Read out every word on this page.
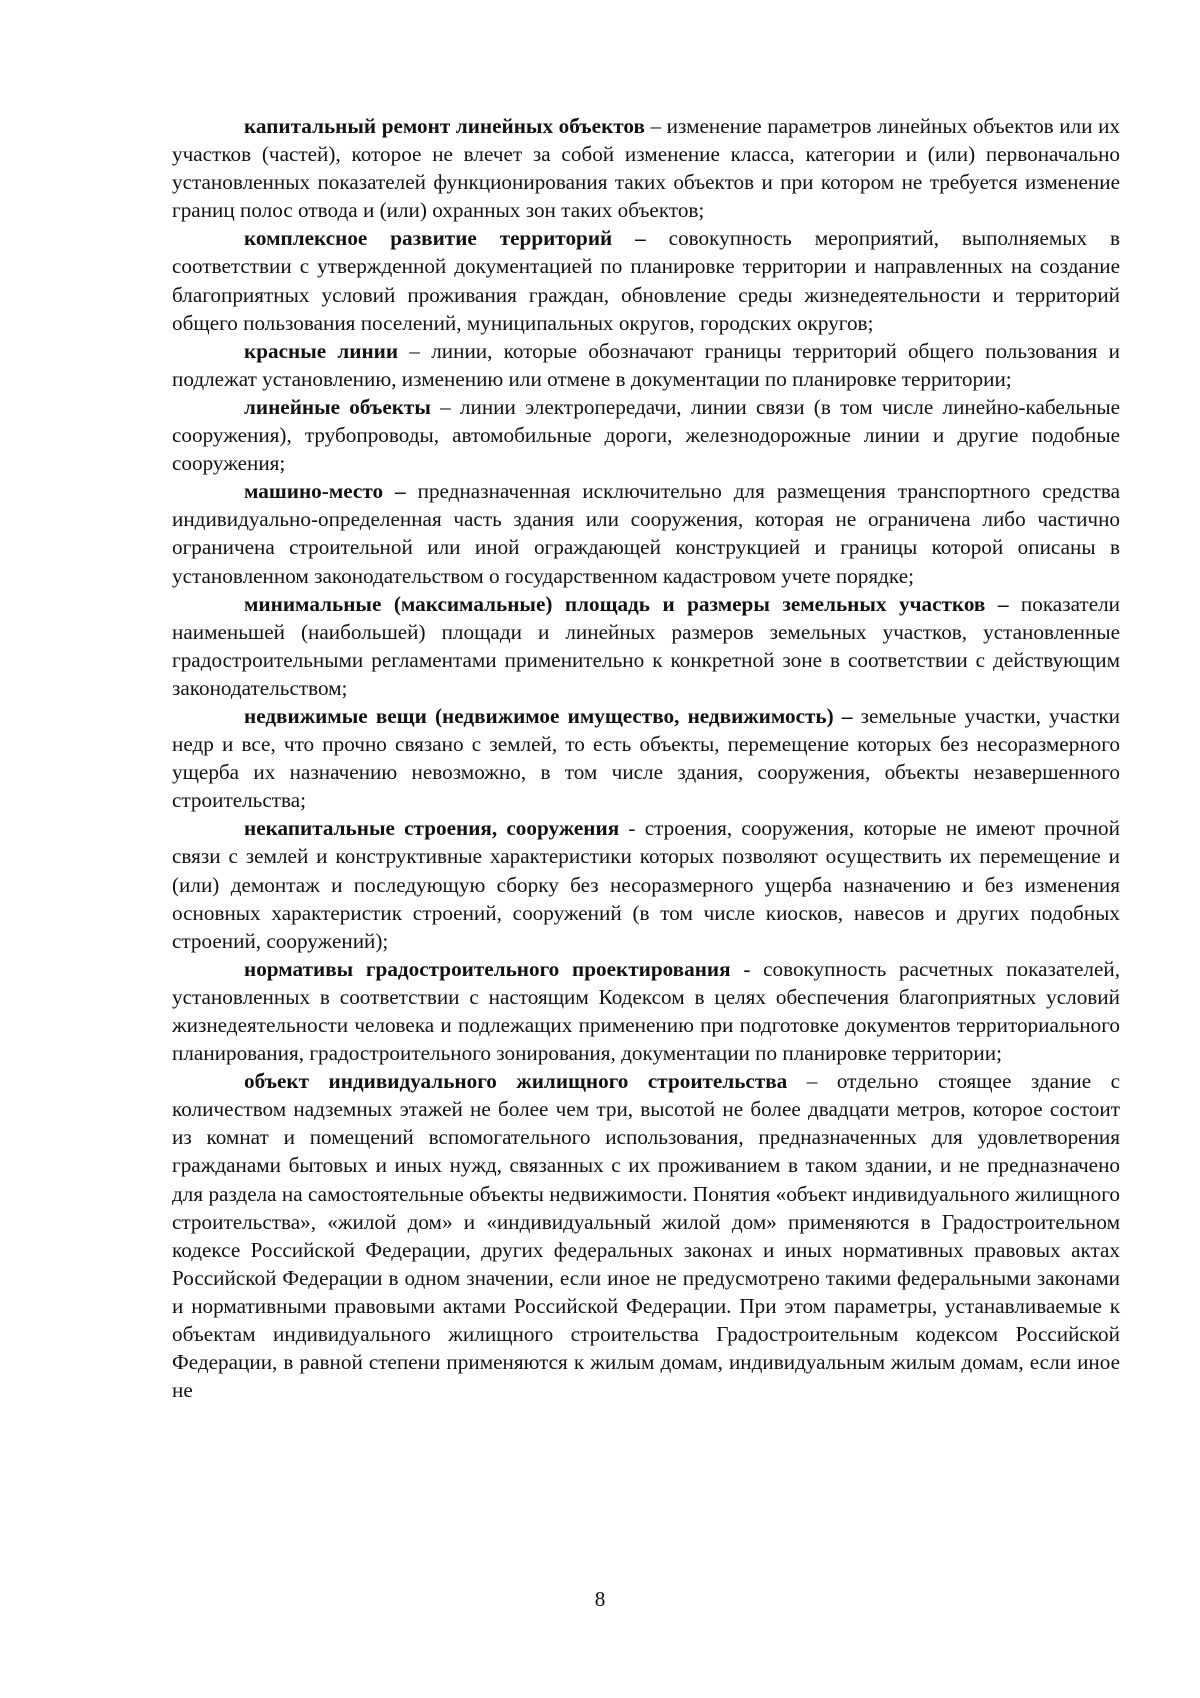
капитальный ремонт линейных объектов – изменение параметров линейных объектов или их участков (частей), которое не влечет за собой изменение класса, категории и (или) первоначально установленных показателей функционирования таких объектов и при котором не требуется изменение границ полос отвода и (или) охранных зон таких объектов;

комплексное развитие территорий – совокупность мероприятий, выполняемых в соответствии с утвержденной документацией по планировке территории и направленных на создание благоприятных условий проживания граждан, обновление среды жизнедеятельности и территорий общего пользования поселений, муниципальных округов, городских округов;

красные линии – линии, которые обозначают границы территорий общего пользования и подлежат установлению, изменению или отмене в документации по планировке территории;

линейные объекты – линии электропередачи, линии связи (в том числе линейно-кабельные сооружения), трубопроводы, автомобильные дороги, железнодорожные линии и другие подобные сооружения;

машино-место – предназначенная исключительно для размещения транспортного средства индивидуально-определенная часть здания или сооружения, которая не ограничена либо частично ограничена строительной или иной ограждающей конструкцией и границы которой описаны в установленном законодательством о государственном кадастровом учете порядке;

минимальные (максимальные) площадь и размеры земельных участков – показатели наименьшей (наибольшей) площади и линейных размеров земельных участков, установленные градостроительными регламентами применительно к конкретной зоне в соответствии с действующим законодательством;

недвижимые вещи (недвижимое имущество, недвижимость) – земельные участки, участки недр и все, что прочно связано с землей, то есть объекты, перемещение которых без несоразмерного ущерба их назначению невозможно, в том числе здания, сооружения, объекты незавершенного строительства;

некапитальные строения, сооружения - строения, сооружения, которые не имеют прочной связи с землей и конструктивные характеристики которых позволяют осуществить их перемещение и (или) демонтаж и последующую сборку без несоразмерного ущерба назначению и без изменения основных характеристик строений, сооружений (в том числе киосков, навесов и других подобных строений, сооружений);

нормативы градостроительного проектирования - совокупность расчетных показателей, установленных в соответствии с настоящим Кодексом в целях обеспечения благоприятных условий жизнедеятельности человека и подлежащих применению при подготовке документов территориального планирования, градостроительного зонирования, документации по планировке территории;

объект индивидуального жилищного строительства – отдельно стоящее здание с количеством надземных этажей не более чем три, высотой не более двадцати метров, которое состоит из комнат и помещений вспомогательного использования, предназначенных для удовлетворения гражданами бытовых и иных нужд, связанных с их проживанием в таком здании, и не предназначено для раздела на самостоятельные объекты недвижимости. Понятия «объект индивидуального жилищного строительства», «жилой дом» и «индивидуальный жилой дом» применяются в Градостроительном кодексе Российской Федерации, других федеральных законах и иных нормативных правовых актах Российской Федерации в одном значении, если иное не предусмотрено такими федеральными законами и нормативными правовыми актами Российской Федерации. При этом параметры, устанавливаемые к объектам индивидуального жилищного строительства Градостроительным кодексом Российской Федерации, в равной степени применяются к жилым домам, индивидуальным жилым домам, если иное не

8
